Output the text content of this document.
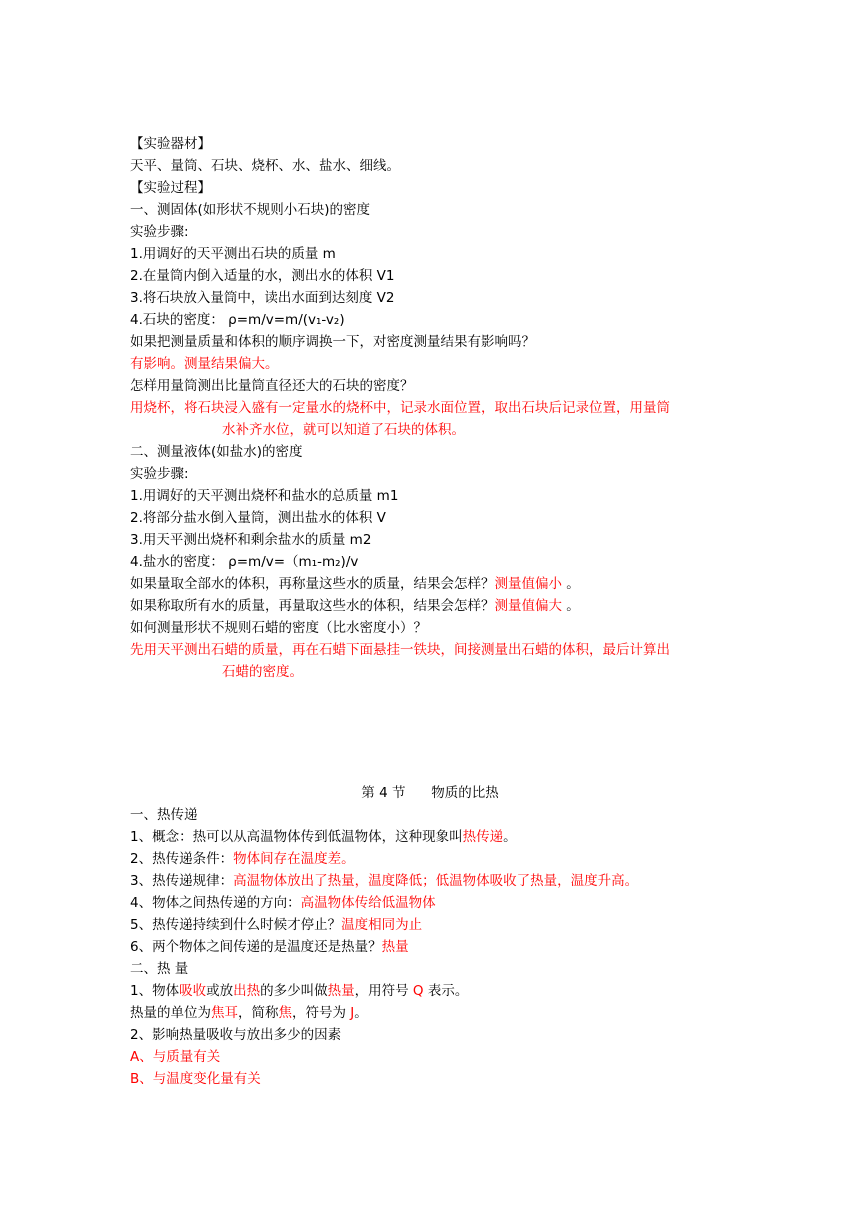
【实验器材】
天平、量筒、石块、烧杯、水、盐水、细线。
【实验过程】
一、测固体(如形状不规则小石块)的密度
实验步骤:
1.用调好的天平测出石块的质量 m
2.在量筒内倒入适量的水，测出水的体积 V1
3.将石块放入量筒中，读出水面到达刻度 V2
4.石块的密度： ρ=m/v=m/(v₁-v₂)
如果把测量质量和体积的顺序调换一下，对密度测量结果有影响吗？
有影响。测量结果偏大。
怎样用量筒测出比量筒直径还大的石块的密度？
用烧杯，将石块浸入盛有一定量水的烧杯中，记录水面位置，取出石块后记录位置，用量筒
水补齐水位，就可以知道了石块的体积。
二、测量液体(如盐水)的密度
实验步骤:
1.用调好的天平测出烧杯和盐水的总质量 m1
2.将部分盐水倒入量筒，测出盐水的体积 V
3.用天平测出烧杯和剩余盐水的质量 m2
4.盐水的密度： ρ=m/v=（m₁-m₂)/v
如果量取全部水的体积，再称量这些水的质量，结果会怎样？测量值偏小 。
如果称取所有水的质量，再量取这些水的体积，结果会怎样？测量值偏大 。
如何测量形状不规则石蜡的密度（比水密度小）？
先用天平测出石蜡的质量，再在石蜡下面悬挂一铁块，间接测量出石蜡的体积，最后计算出
石蜡的密度。
第 4 节      物质的比热
一、热传递
1、概念：热可以从高温物体传到低温物体，这种现象叫热传递。
2、热传递条件：物体间存在温度差。
3、热传递规律：高温物体放出了热量，温度降低；低温物体吸收了热量，温度升高。
4、物体之间热传递的方向：高温物体传给低温物体
5、热传递持续到什么时候才停止？温度相同为止
6、两个物体之间传递的是温度还是热量？热量
二、热 量
1、物体吸收或放出热的多少叫做热量，用符号 Q 表示。
热量的单位为焦耳，简称焦，符号为 J。
2、影响热量吸收与放出多少的因素
A、与质量有关
B、与温度变化量有关
